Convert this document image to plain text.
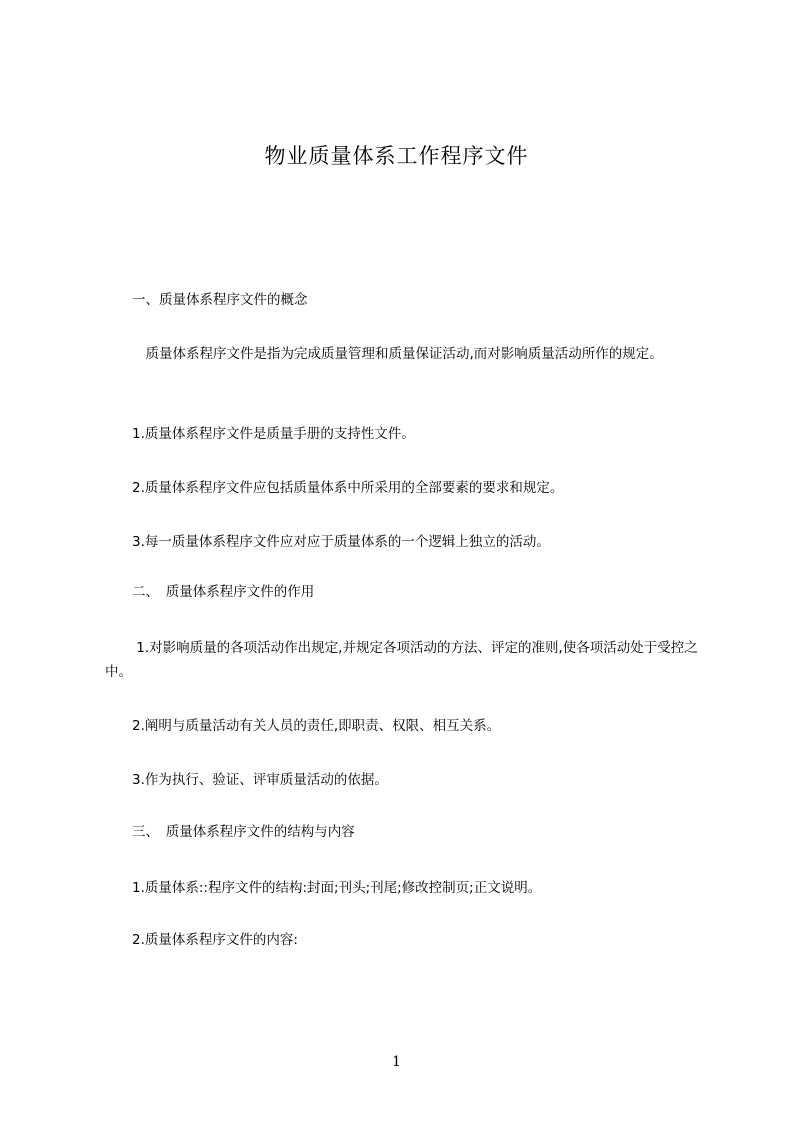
物业质量体系工作程序文件

　　一、质量体系程序文件的概念

　　　质量体系程序文件是指为完成质量管理和质量保证活动,而对影响质量活动所作的规定。

　　1.质量体系程序文件是质量手册的支持性文件。

　　2.质量体系程序文件应包括质量体系中所采用的全部要素的要求和规定。

　　3.每一质量体系程序文件应对应于质量体系的一个逻辑上独立的活动。

　　二、　质量体系程序文件的作用

　　 1.对影响质量的各项活动作出规定,并规定各项活动的方法、评定的准则,使各项活动处于受控之中。

　　2.阐明与质量活动有关人员的责任,即职责、权限、相互关系。

　　3.作为执行、验证、评审质量活动的依据。

　　三、　质量体系程序文件的结构与内容

　　1.质量体系::程序文件的结构:封面;刊头;刊尾;修改控制页;正文说明。

　　2.质量体系程序文件的内容:

1
